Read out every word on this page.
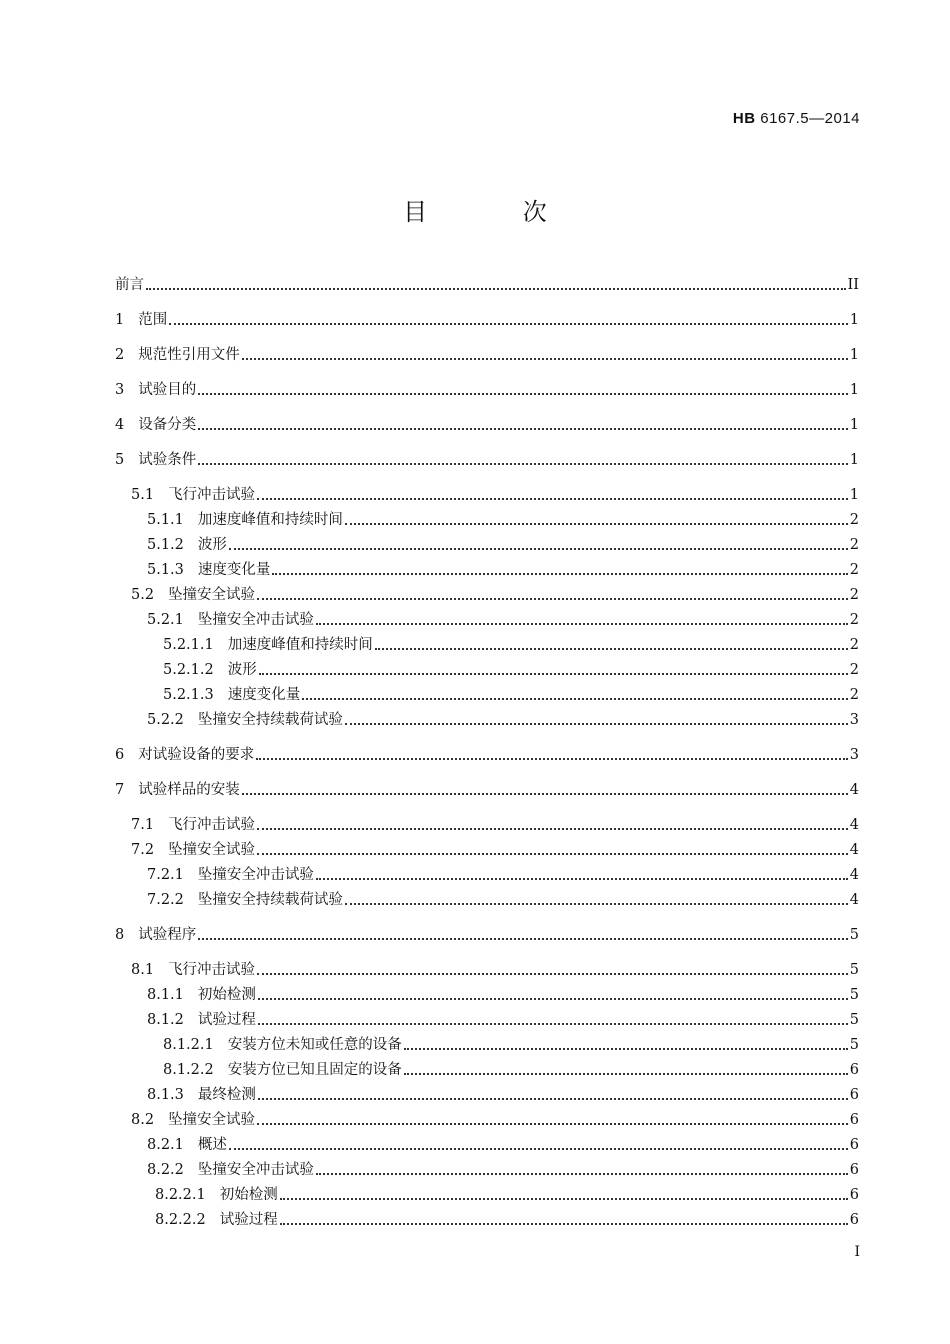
HB 6167.5—2014
目 次
前言	II
1 范围	1
2 规范性引用文件	1
3 试验目的	1
4 设备分类	1
5 试验条件	1
5.1 飞行冲击试验	1
5.1.1 加速度峰值和持续时间	2
5.1.2 波形	2
5.1.3 速度变化量	2
5.2 坠撞安全试验	2
5.2.1 坠撞安全冲击试验	2
5.2.1.1 加速度峰值和持续时间	2
5.2.1.2 波形	2
5.2.1.3 速度变化量	2
5.2.2 坠撞安全持续载荷试验	3
6 对试验设备的要求	3
7 试验样品的安装	4
7.1 飞行冲击试验	4
7.2 坠撞安全试验	4
7.2.1 坠撞安全冲击试验	4
7.2.2 坠撞安全持续载荷试验	4
8 试验程序	5
8.1 飞行冲击试验	5
8.1.1 初始检测	5
8.1.2 试验过程	5
8.1.2.1 安装方位未知或任意的设备	5
8.1.2.2 安装方位已知且固定的设备	6
8.1.3 最终检测	6
8.2 坠撞安全试验	6
8.2.1 概述	6
8.2.2 坠撞安全冲击试验	6
8.2.2.1 初始检测	6
8.2.2.2 试验过程	6
I
